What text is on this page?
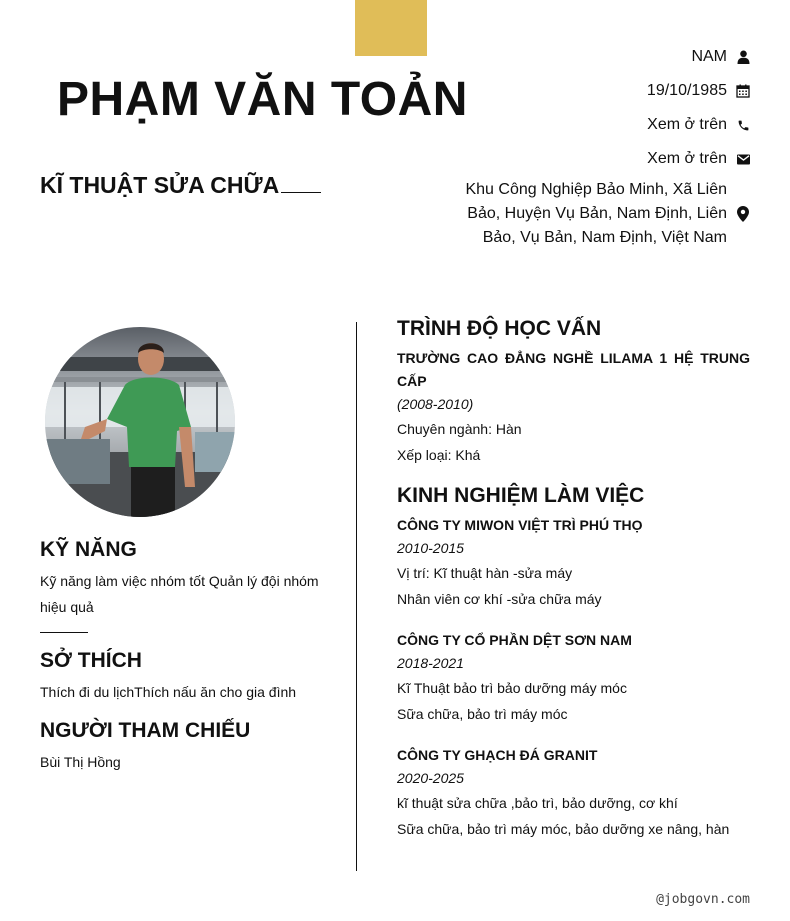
PHẠM VĂN TOẢN
KĨ THUẬT SỬA CHỮA
NAM
19/10/1985
Xem ở trên
Xem ở trên
Khu Công Nghiệp Bảo Minh, Xã Liên Bảo, Huyện Vụ Bản, Nam Định, Liên Bảo, Vụ Bản, Nam Định, Việt Nam
KỸ NĂNG

Kỹ năng làm việc nhóm tốt Quản lý đội nhóm hiệu quả

SỞ THÍCH

Thích đi du lịchThích nấu ăn cho gia đình

NGƯỜI THAM CHIẾU

Bùi Thị Hồng

TRÌNH ĐỘ HỌC VẤN

TRƯỜNG CAO ĐẲNG NGHỀ LILAMA 1 HỆ TRUNG CẤP

(2008-2010)

Chuyên ngành: Hàn

Xếp loại: Khá

KINH NGHIỆM LÀM VIỆC

CÔNG TY MIWON VIỆT TRÌ PHÚ THỌ

2010-2015

Vị trí: Kĩ thuật hàn -sửa máy

Nhân viên cơ khí -sửa chữa máy

CÔNG TY CỔ PHẦN DỆT SƠN NAM

2018-2021

Kĩ Thuật bảo trì bảo dưỡng máy móc

Sữa chữa, bảo trì máy móc

CÔNG TY GHẠCH ĐÁ GRANIT

2020-2025

kĩ thuật sửa chữa ,bảo trì, bảo dưỡng, cơ khí

Sữa chữa, bảo trì máy móc, bảo dưỡng xe nâng, hàn

@jobgovn.com
